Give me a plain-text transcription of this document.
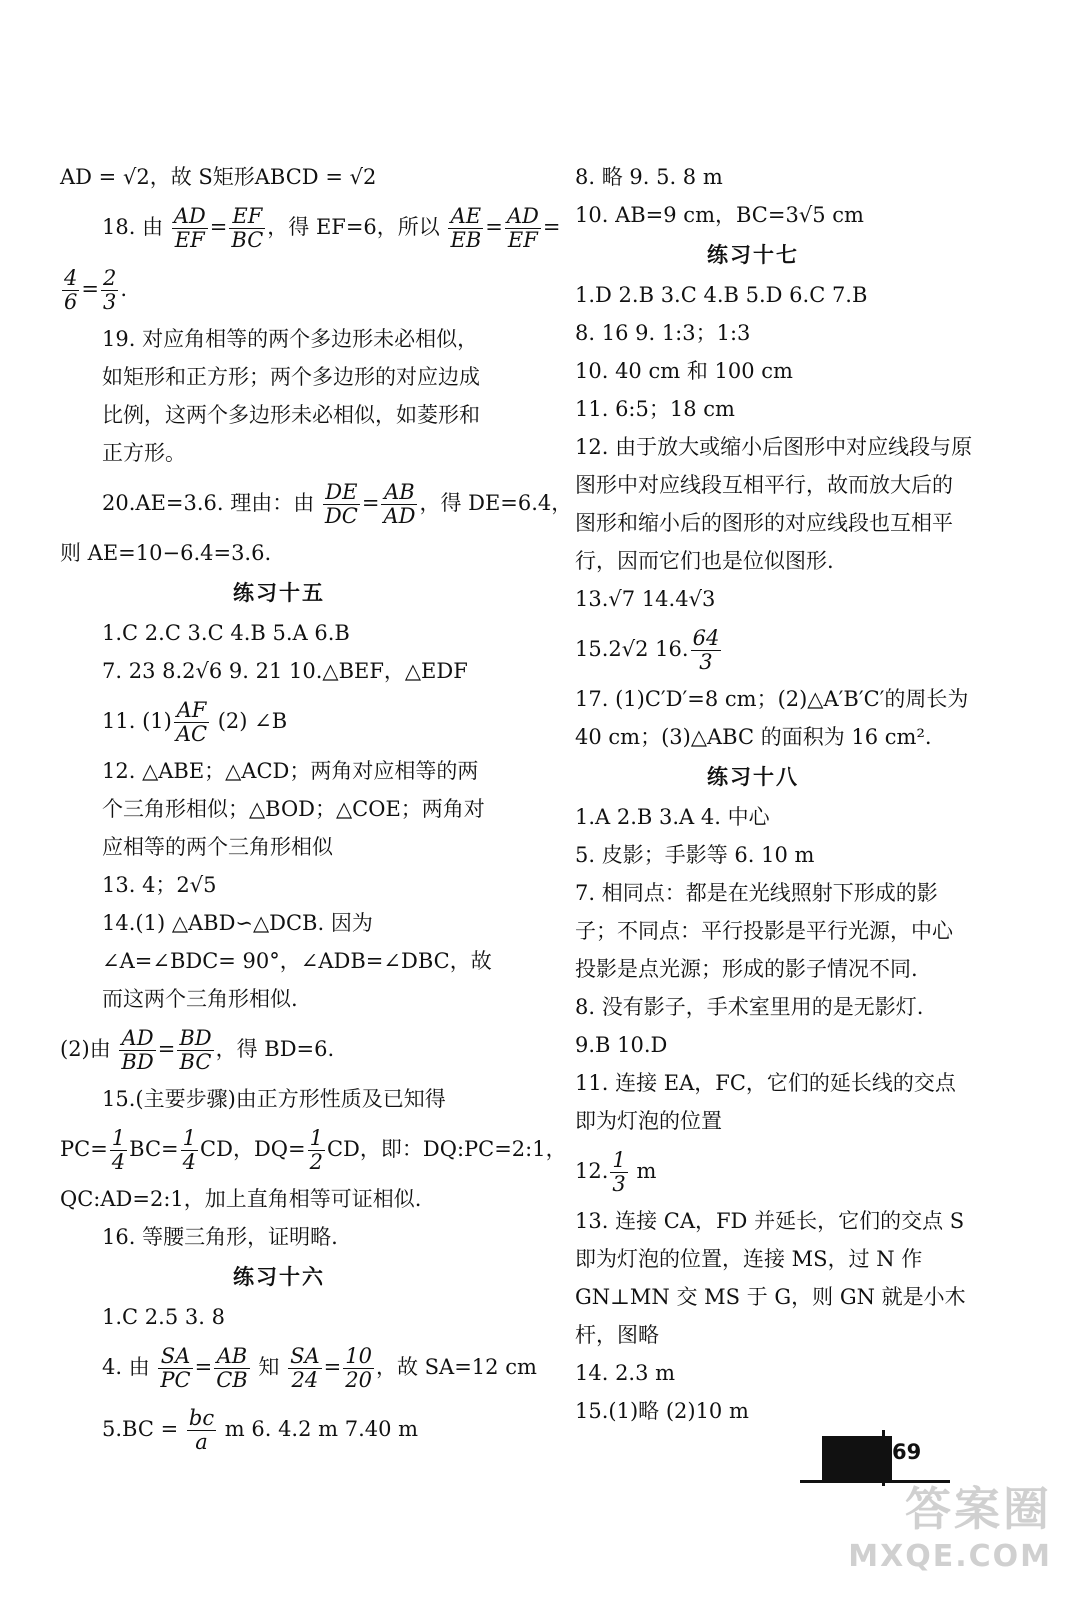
AD = √2，故 S矩形ABCD = √2
18. 由 $\frac{AD}{EF} = \frac{EF}{BC}$ ，得 EF=6，所以 $\frac{AE}{EB} = \frac{AD}{EF}$ =
$\frac{4}{6} = \frac{2}{3}$ .
19. 对应角相等的两个多边形未必相似，如矩形和正方形；两个多边形的对应边成比例，这两个多边形未必相似，如菱形和正方形。
20.AE=3.6. 理由：由 $\frac{DE}{DC} = \frac{AB}{AD}$ ，得 DE=6.4，
则 AE=10−6.4=3.6.
练习十五
1.C 2.C 3.C 4.B 5.A 6.B
7. 23 8.2√6 9. 21 10.△BEF，△EDF
11. $(1) \frac{AF}{AC} (2)$ ∠B
12. △ABE；△ACD；两角对应相等的两个三角形相似；△BOD；△COE；两角对应相等的两个三角形相似
13. 4；2√5
14.(1) △ABD∽△DCB. 因为∠A=∠BDC= 90°，∠ADB=∠DBC，故而这两个三角形相似.
(2)由 $\frac{AD}{BD} = \frac{BD}{BC}$ ，得 BD=6.
15.(主要步骤)由正方形性质及已知得
$PC= \frac{1}{4} BC= \frac{1}{4}$ CD，$DQ= \frac{1}{2}$ CD，即：DQ:PC=2:1，
QC:AD=2:1，加上直角相等可证相似.
16. 等腰三角形，证明略.
练习十六
1.C 2.5 3. 8
4. 由 $\frac{SA}{PC} = \frac{AB}{CB}$ 知 $\frac{SA}{24} = \frac{10}{20}$ ，故 SA=12 cm
$5.BC = \frac{bc}{a}$ m 6. 4.2 m 7.40 m
8. 略 9. 5. 8 m
10. AB=9 cm，BC=3√5 cm
练习十七
1.D 2.B 3.C 4.B 5.D 6.C 7.B
8. 16 9. 1:3；1:3
10. 40 cm 和 100 cm
11. 6:5；18 cm
12. 由于放大或缩小后图形中对应线段与原图形中对应线段互相平行，故而放大后的图形和缩小后的图形的对应线段也互相平行，因而它们也是位似图形.
13.√7 14.4√3
15.2√2 16. $\frac{64}{3}$
17. (1)C′D′=8 cm；(2)△A′B′C′的周长为 40 cm；(3)△ABC 的面积为 16 cm².
练习十八
1.A 2.B 3.A 4. 中心
5. 皮影；手影等 6. 10 m
7. 相同点：都是在光线照射下形成的影子；不同点：平行投影是平行光源，中心投影是点光源；形成的影子情况不同.
8. 没有影子，手术室里用的是无影灯.
9.B 10.D
11. 连接 EA，FC，它们的延长线的交点即为灯泡的位置
12. $\frac{1}{3}$ m
13. 连接 CA，FD 并延长，它们的交点 S 即为灯泡的位置，连接 MS，过 N 作 GN⊥MN 交 MS 于 G，则 GN 就是小木杆，图略
14. 2.3 m
15.(1)略 (2)10 m
69
答案圈
MXQE.COM
